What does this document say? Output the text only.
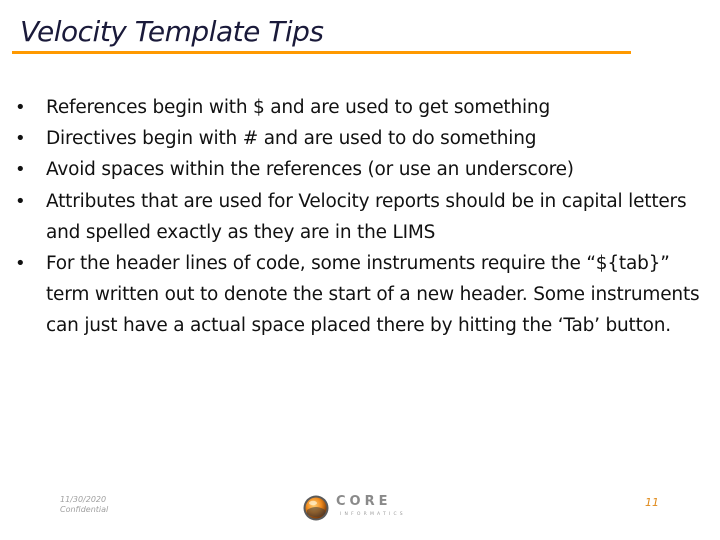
Velocity Template Tips
• References begin with $ and are used to get something
• Directives begin with # and are used to do something
• Avoid spaces within the references (or use an underscore)
• Attributes that are used for Velocity reports should be in capital letters and spelled exactly as they are in the LIMS
• For the header lines of code, some instruments require the “${tab}” term written out to denote the start of a new header. Some instruments can just have a actual space placed there by hitting the ‘Tab’ button.
11/30/2020
Confidential
CORE
INFORMATICS
11
